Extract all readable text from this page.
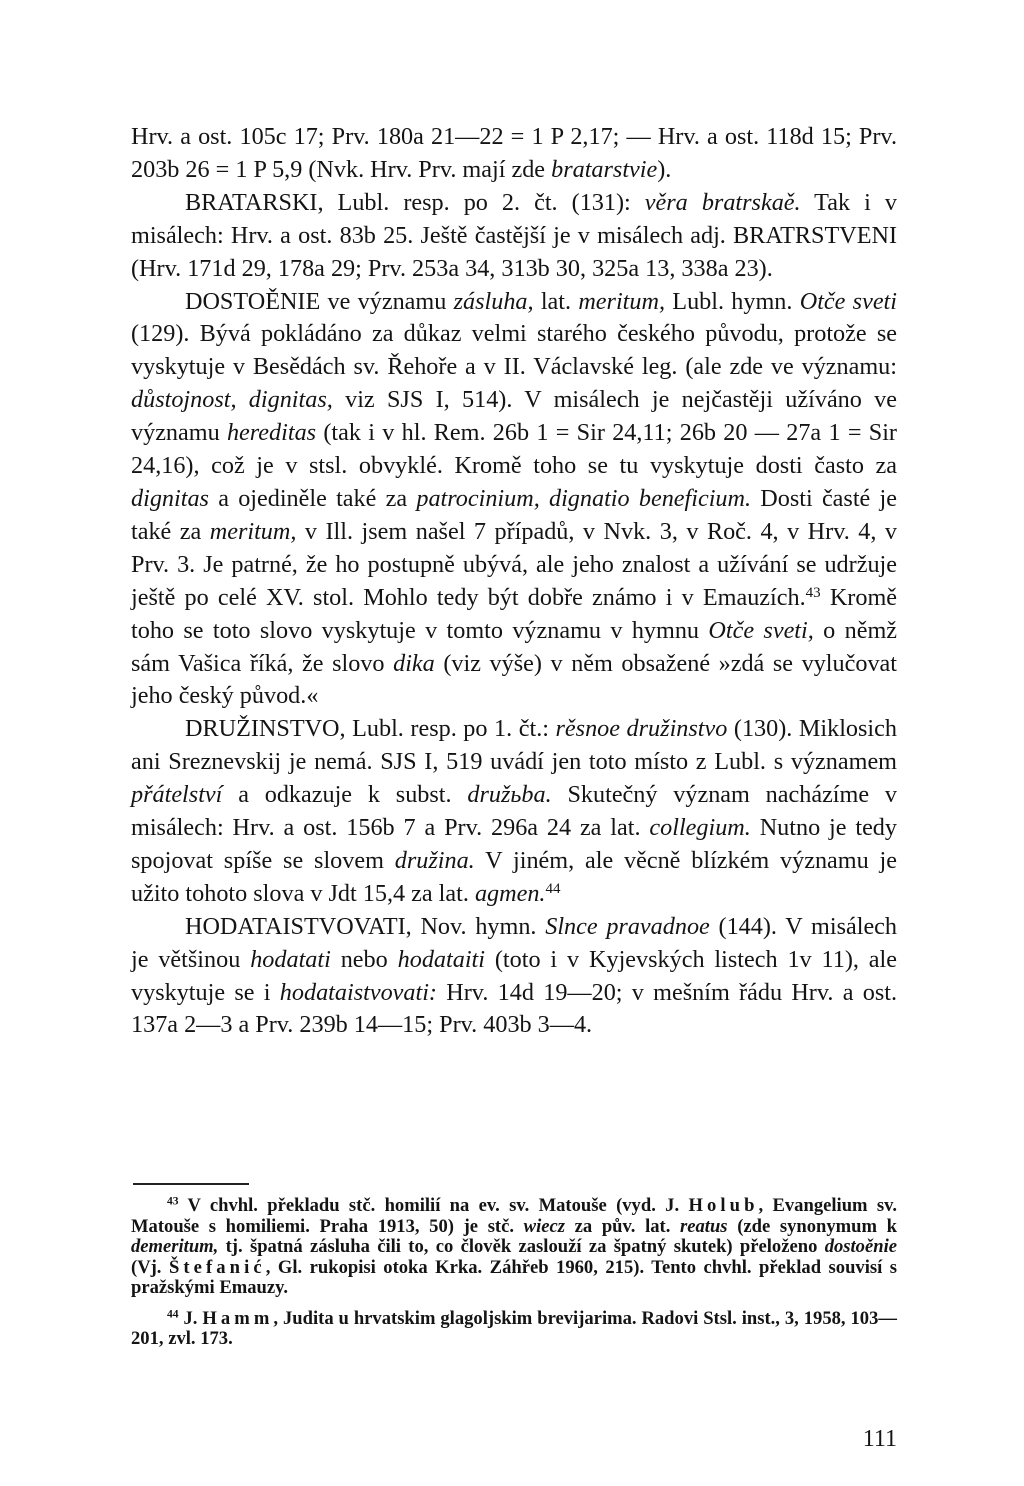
Hrv. a ost. 105c 17; Prv. 180a 21—22 = 1 P 2,17; — Hrv. a ost. 118d 15; Prv. 203b 26 = 1 P 5,9 (Nvk. Hrv. Prv. mají zde bratarstvie).

BRATARSKI, Lubl. resp. po 2. čt. (131): věra bratrskaě. Tak i v misálech: Hrv. a ost. 83b 25. Ještě častější je v misálech adj. BRATRSTVENI (Hrv. 171d 29, 178a 29; Prv. 253a 34, 313b 30, 325a 13, 338a 23).

DOSTOĚNIE ve významu zásluha, lat. meritum, Lubl. hymn. Otče sveti (129). Bývá pokládáno za důkaz velmi starého českého původu, protože se vyskytuje v Besědách sv. Řehoře a v II. Václavské leg. (ale zde ve významu: důstojnost, dignitas, viz SJS I, 514). V misálech je nejčastěji užíváno ve významu hereditas (tak i v hl. Rem. 26b 1 = Sir 24,11; 26b 20 — 27a 1 = Sir 24,16), což je v stsl. obvyklé. Kromě toho se tu vyskytuje dosti často za dignitas a ojediněle také za patrocinium, dignatio beneficium. Dosti časté je také za meritum, v Ill. jsem našel 7 případů, v Nvk. 3, v Roč. 4, v Hrv. 4, v Prv. 3. Je patrné, že ho postupně ubývá, ale jeho znalost a užívání se udržuje ještě po celé XV. stol. Mohlo tedy být dobře známo i v Emauzích.$^{43}$ Kromě toho se toto slovo vyskytuje v tomto významu v hymnu Otče sveti, o němž sám Vašica říká, že slovo dika (viz výše) v něm obsažené »zdá se vylučovat jeho český původ.«

DRUŽINSTVO, Lubl. resp. po 1. čt.: rěsnoe družinstvo (130). Miklosich ani Sreznevskij je nemá. SJS I, 519 uvádí jen toto místo z Lubl. s významem přátelství a odkazuje k subst. družьba. Skutečný význam nacházíme v misálech: Hrv. a ost. 156b 7 a Prv. 296a 24 za lat. collegium. Nutno je tedy spojovat spíše se slovem družina. V jiném, ale věcně blízkém významu je užito tohoto slova v Jdt 15,4 za lat. agmen.$^{44}$

HODATAISTVOVATI, Nov. hymn. Slnce pravadnoe (144). V misálech je většinou hodatati nebo hodataiti (toto i v Kyjevských listech 1v 11), ale vyskytuje se i hodataistvovati: Hrv. 14d 19—20; v mešním řádu Hrv. a ost. 137a 2—3 a Prv. 239b 14—15; Prv. 403b 3—4.

$^{43}$ V chvhl. překladu stč. homilií na ev. sv. Matouše (vyd. J. Holub, Evangelium sv. Matouše s homiliemi. Praha 1913, 50) je stč. wiecz za pův. lat. reatus (zde synonymum k demeritum, tj. špatná zásluha čili to, co člověk zaslouží za špatný skutek) přeloženo dostoěnie (Vj. Štefanić, Gl. rukopisi otoka Krka. Záhřeb 1960, 215). Tento chvhl. překlad souvisí s pražskými Emauzy.

$^{44}$ J. Hamm, Judita u hrvatskim glagoljskim brevijarima. Radovi Stsl. inst., 3, 1958, 103—201, zvl. 173.

111
